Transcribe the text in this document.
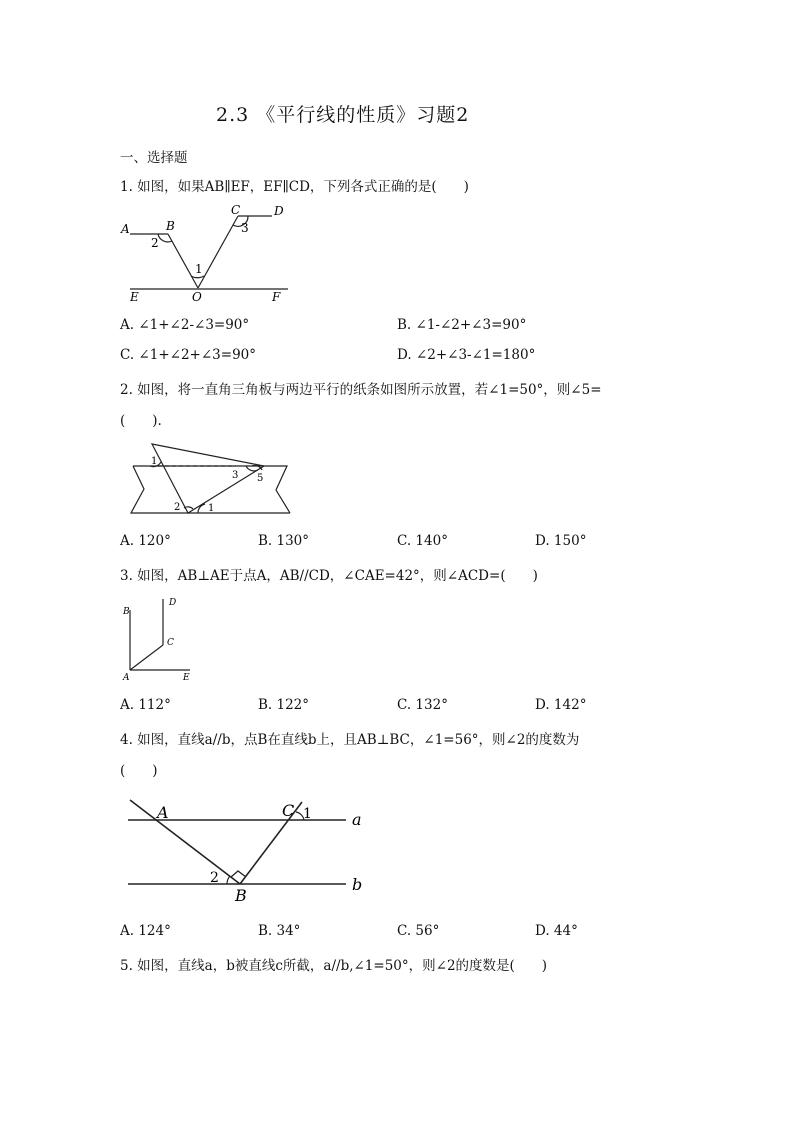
2.3 《平行线的性质》习题2
一、选择题
1. 如图，如果AB∥EF，EF∥CD，下列各式正确的是(　　)
A	B
2
C	D
3
1
E	O	F
A. ∠1+∠2-∠3=90°	B. ∠1-∠2+∠3=90°
C. ∠1+∠2+∠3=90°	D. ∠2+∠3-∠1=180°
2. 如图，将一直角三角板与两边平行的纸条如图所示放置，若∠1=50°，则∠5=
(　　).
1
2
3 5
1
A. 120°	B. 130°	C. 140°	D. 150°
3. 如图，AB⊥AE于点A，AB//CD，∠CAE=42°，则∠ACD=(　　)
B
D
C
A	E
A. 112°	B. 122°	C. 132°	D. 142°
4. 如图，直线a//b，点B在直线b上，且AB⊥BC，∠1=56°，则∠2的度数为
(　　)
A	C 1	a
2
B
b
A. 124°	B. 34°	C. 56°	D. 44°
5. 如图，直线a，b被直线c所截，a//b,∠1=50°，则∠2的度数是(　　)
